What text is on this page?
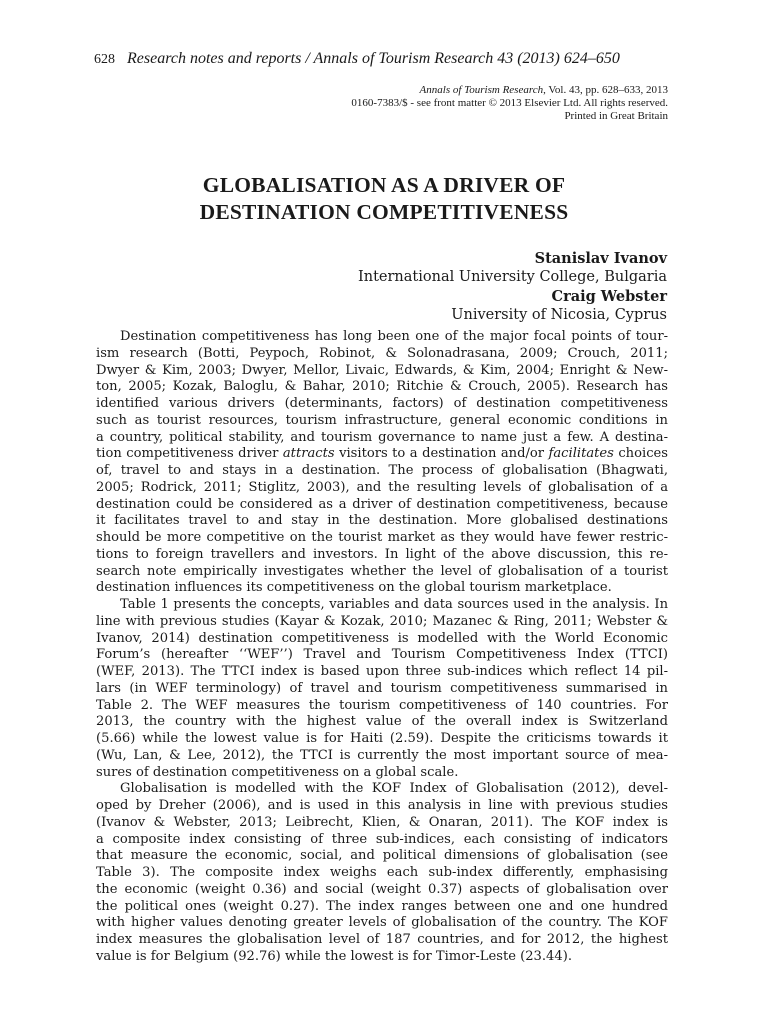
628 Research notes and reports / Annals of Tourism Research 43 (2013) 624–650
Annals of Tourism Research, Vol. 43, pp. 628–633, 2013
0160-7383/$ - see front matter © 2013 Elsevier Ltd. All rights reserved.
Printed in Great Britain
GLOBALISATION AS A DRIVER OF
DESTINATION COMPETITIVENESS
Stanislav Ivanov
International University College, Bulgaria
Craig Webster
University of Nicosia, Cyprus
Destination competitiveness has long been one of the major focal points of tour-
ism research (Botti, Peypoch, Robinot, & Solonadrasana, 2009; Crouch, 2011;
Dwyer & Kim, 2003; Dwyer, Mellor, Livaic, Edwards, & Kim, 2004; Enright & New-
ton, 2005; Kozak, Baloglu, & Bahar, 2010; Ritchie & Crouch, 2005). Research has
identified various drivers (determinants, factors) of destination competitiveness
such as tourist resources, tourism infrastructure, general economic conditions in
a country, political stability, and tourism governance to name just a few. A destina-
tion competitiveness driver attracts visitors to a destination and/or facilitates choices
of, travel to and stays in a destination. The process of globalisation (Bhagwati,
2005; Rodrick, 2011; Stiglitz, 2003), and the resulting levels of globalisation of a
destination could be considered as a driver of destination competitiveness, because
it facilitates travel to and stay in the destination. More globalised destinations
should be more competitive on the tourist market as they would have fewer restric-
tions to foreign travellers and investors. In light of the above discussion, this re-
search note empirically investigates whether the level of globalisation of a tourist
destination influences its competitiveness on the global tourism marketplace.
Table 1 presents the concepts, variables and data sources used in the analysis. In
line with previous studies (Kayar & Kozak, 2010; Mazanec & Ring, 2011; Webster &
Ivanov, 2014) destination competitiveness is modelled with the World Economic
Forum’s (hereafter ‘‘WEF’’) Travel and Tourism Competitiveness Index (TTCI)
(WEF, 2013). The TTCI index is based upon three sub-indices which reflect 14 pil-
lars (in WEF terminology) of travel and tourism competitiveness summarised in
Table 2. The WEF measures the tourism competitiveness of 140 countries. For
2013, the country with the highest value of the overall index is Switzerland
(5.66) while the lowest value is for Haiti (2.59). Despite the criticisms towards it
(Wu, Lan, & Lee, 2012), the TTCI is currently the most important source of mea-
sures of destination competitiveness on a global scale.
Globalisation is modelled with the KOF Index of Globalisation (2012), devel-
oped by Dreher (2006), and is used in this analysis in line with previous studies
(Ivanov & Webster, 2013; Leibrecht, Klien, & Onaran, 2011). The KOF index is
a composite index consisting of three sub-indices, each consisting of indicators
that measure the economic, social, and political dimensions of globalisation (see
Table 3). The composite index weighs each sub-index differently, emphasising
the economic (weight 0.36) and social (weight 0.37) aspects of globalisation over
the political ones (weight 0.27). The index ranges between one and one hundred
with higher values denoting greater levels of globalisation of the country. The KOF
index measures the globalisation level of 187 countries, and for 2012, the highest
value is for Belgium (92.76) while the lowest is for Timor-Leste (23.44).
